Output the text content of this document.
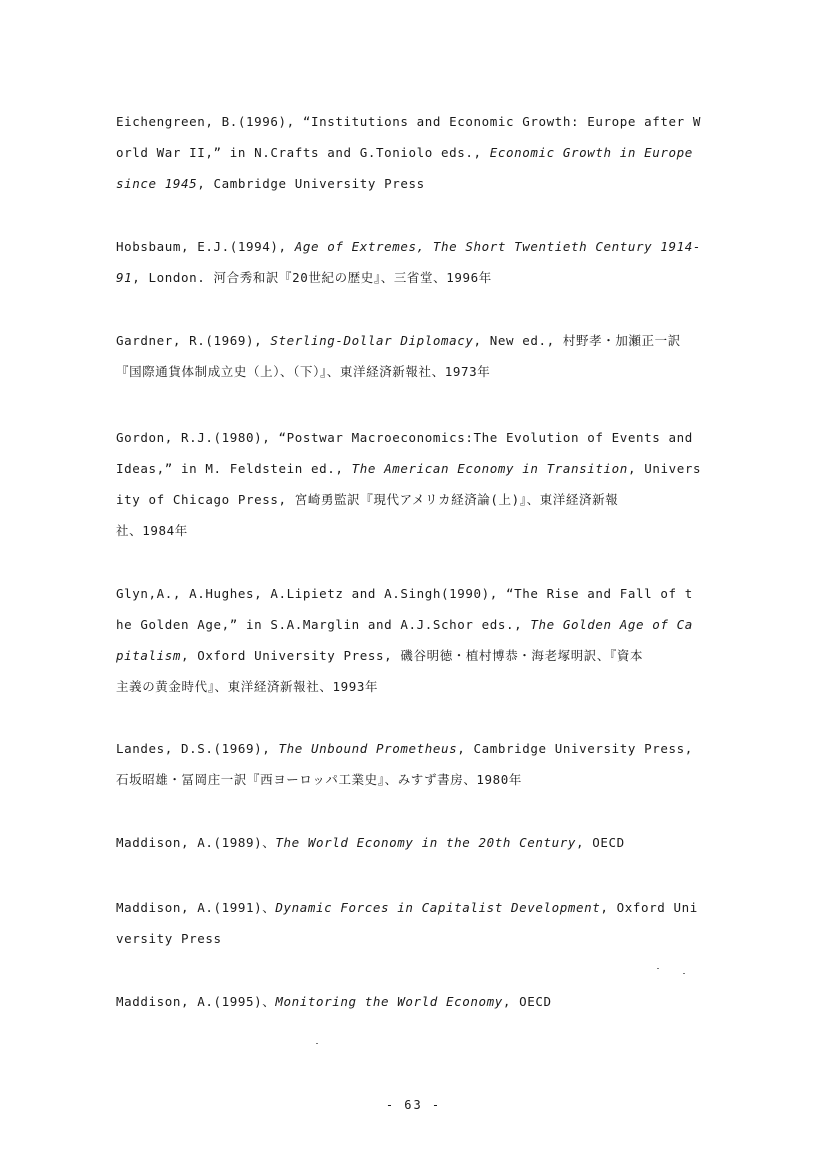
Eichengreen, B.(1996), “Institutions and Economic Growth: Europe after W
orld War II,” in N.Crafts and G.Toniolo eds., Economic Growth in Europe
since 1945, Cambridge University Press
Hobsbaum, E.J.(1994), Age of Extremes, The Short Twentieth Century 1914-
91, London. 河合秀和訳『20世紀の歴史』、三省堂、1996年
Gardner, R.(1969), Sterling-Dollar Diplomacy, New ed., 村野孝・加瀬正一訳
『国際通貨体制成立史（上）、（下）』、東洋経済新報社、1973年
Gordon, R.J.(1980), “Postwar Macroeconomics:The Evolution of Events and
Ideas,” in M. Feldstein ed., The American Economy in Transition, Univers
ity of Chicago Press, 宮崎勇監訳『現代アメリカ経済論(上)』、東洋経済新報
社、1984年
Glyn,A., A.Hughes, A.Lipietz and A.Singh(1990), “The Rise and Fall of t
he Golden Age,” in S.A.Marglin and A.J.Schor eds., The Golden Age of Ca
pitalism, Oxford University Press, 磯谷明徳・植村博恭・海老塚明訳、『資本
主義の黄金時代』、東洋経済新報社、1993年
Landes, D.S.(1969), The Unbound Prometheus, Cambridge University Press,
石坂昭雄・冨岡庄一訳『西ヨーロッパ工業史』、みすず書房、1980年
Maddison, A.(1989)、The World Economy in the 20th Century, OECD
Maddison, A.(1991)、Dynamic Forces in Capitalist Development, Oxford Uni
versity Press
Maddison, A.(1995)、Monitoring the World Economy, OECD
- 63 -
